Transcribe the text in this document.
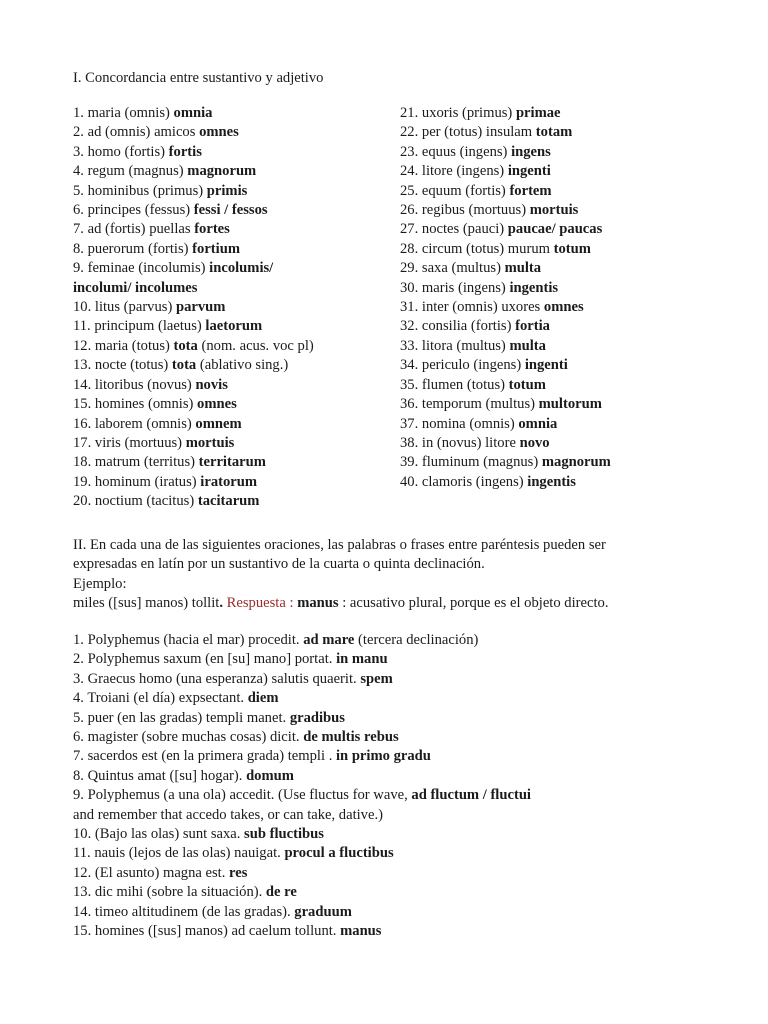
I. Concordancia entre sustantivo y adjetivo
1. maria (omnis) omnia
2. ad (omnis) amicos omnes
3. homo (fortis) fortis
4. regum (magnus) magnorum
5. hominibus (primus) primis
6. principes (fessus) fessi / fessos
7. ad (fortis) puellas fortes
8. puerorum (fortis) fortium
9. feminae (incolumis) incolumis/
incolumi/ incolumes
10. litus (parvus) parvum
11. principum (laetus) laetorum
12. maria (totus) tota (nom. acus. voc pl)
13. nocte (totus) tota (ablativo sing.)
14. litoribus (novus) novis
15. homines (omnis) omnes
16. laborem (omnis) omnem
17. viris (mortuus) mortuis
18. matrum (territus) territarum
19. hominum (iratus) iratorum
20. noctium (tacitus) tacitarum
21. uxoris (primus) primae
22. per (totus) insulam totam
23. equus (ingens) ingens
24. litore (ingens) ingenti
25. equum (fortis) fortem
26. regibus (mortuus) mortuis
27. noctes (pauci) paucae/ paucas
28. circum (totus) murum totum
29. saxa (multus) multa
30. maris (ingens) ingentis
31. inter (omnis) uxores omnes
32. consilia (fortis) fortia
33. litora (multus) multa
34. periculo (ingens) ingenti
35. flumen (totus) totum
36. temporum (multus) multorum
37. nomina (omnis) omnia
38. in (novus) litore novo
39. fluminum (magnus) magnorum
40. clamoris (ingens) ingentis
II. En cada una de las siguientes oraciones, las palabras o frases entre paréntesis pueden ser
expresadas en latín por un sustantivo de la cuarta o quinta declinación.
Ejemplo:
miles ([sus] manos) tollit. Respuesta : manus : acusativo plural, porque es el objeto directo.
1. Polyphemus (hacia el mar) procedit. ad mare (tercera declinación)
2. Polyphemus saxum (en [su] mano] portat. in manu
3. Graecus homo (una esperanza) salutis quaerit. spem
4. Troiani (el día) expsectant. diem
5. puer (en las gradas) templi manet. gradibus
6. magister (sobre muchas cosas) dicit. de multis rebus
7. sacerdos est (en la primera grada) templi . in primo gradu
8. Quintus amat ([su] hogar). domum
9. Polyphemus (a una ola) accedit. (Use fluctus for wave, ad fluctum / fluctui
and remember that accedo takes, or can take, dative.)
10. (Bajo las olas) sunt saxa. sub fluctibus
11. nauis (lejos de las olas) nauigat. procul a fluctibus
12. (El asunto) magna est. res
13. dic mihi (sobre la situación). de re
14. timeo altitudinem (de las gradas). graduum
15. homines ([sus] manos) ad caelum tollunt. manus
